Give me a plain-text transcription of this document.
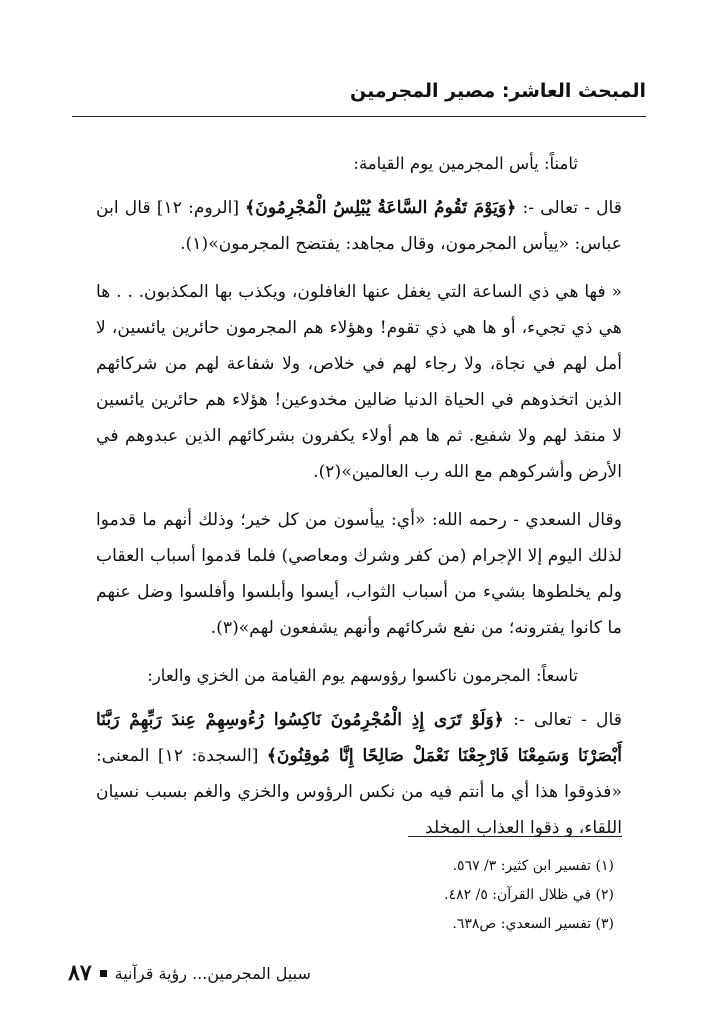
المبحث العاشر: مصير المجرمين

ثامناً: يأس المجرمين يوم القيامة:

قال - تعالى -: ﴿وَيَوْمَ تَقُومُ السَّاعَةُ يُبْلِسُ الْمُجْرِمُونَ﴾ [الروم: ١٢] قال ابن عباس: «ييأس المجرمون، وقال مجاهد: يفتضح المجرمون»(١).

« فها هي ذي الساعة التي يغفل عنها الغافلون، ويكذب بها المكذبون. . . ها هي ذي تجيء، أو ها هي ذي تقوم! وهؤلاء هم المجرمون حائرين يائسين، لا أمل لهم في نجاة، ولا رجاء لهم في خلاص، ولا شفاعة لهم من شركائهم الذين اتخذوهم في الحياة الدنيا ضالين مخدوعين! هؤلاء هم حائرين يائسين لا منقذ لهم ولا شفيع. ثم ها هم أولاء يكفرون بشركائهم الذين عبدوهم في الأرض وأشركوهم مع الله رب العالمين»(٢).

وقال السعدي - رحمه الله: «أي: ييأسون من كل خير؛ وذلك أنهم ما قدموا لذلك اليوم إلا الإجرام (من كفر وشرك ومعاصي) فلما قدموا أسباب العقاب ولم يخلطوها بشيء من أسباب الثواب، أيسوا وأبلسوا وأفلسوا وضل عنهم ما كانوا يفترونه؛ من نفع شركائهم وأنهم يشفعون لهم»(٣).

تاسعاً: المجرمون ناكسوا رؤوسهم يوم القيامة من الخزي والعار:

قال - تعالى -: ﴿وَلَوْ تَرَى إِذِ الْمُجْرِمُونَ نَاكِسُوا رُءُوسِهِمْ عِندَ رَبِّهِمْ رَبَّنَا أَبْصَرْنَا وَسَمِعْنَا فَارْجِعْنَا نَعْمَلْ صَالِحًا إِنَّا مُوقِنُونَ﴾ [السجدة: ١٢] المعنى: «فذوقوا هذا أي ما أنتم فيه من نكس الرؤوس والخزي والغم بسبب نسيان اللقاء، و ذقوا العذاب المخلد

(١) تفسير ابن كثير: ٣/ ٥٦٧.

(٢) في ظلال القرآن: ٥/ ٤٨٢.

(٣) تفسير السعدي: ص٦٣٨.

سبيل المجرمين... رؤية قرآنية
٨٧
